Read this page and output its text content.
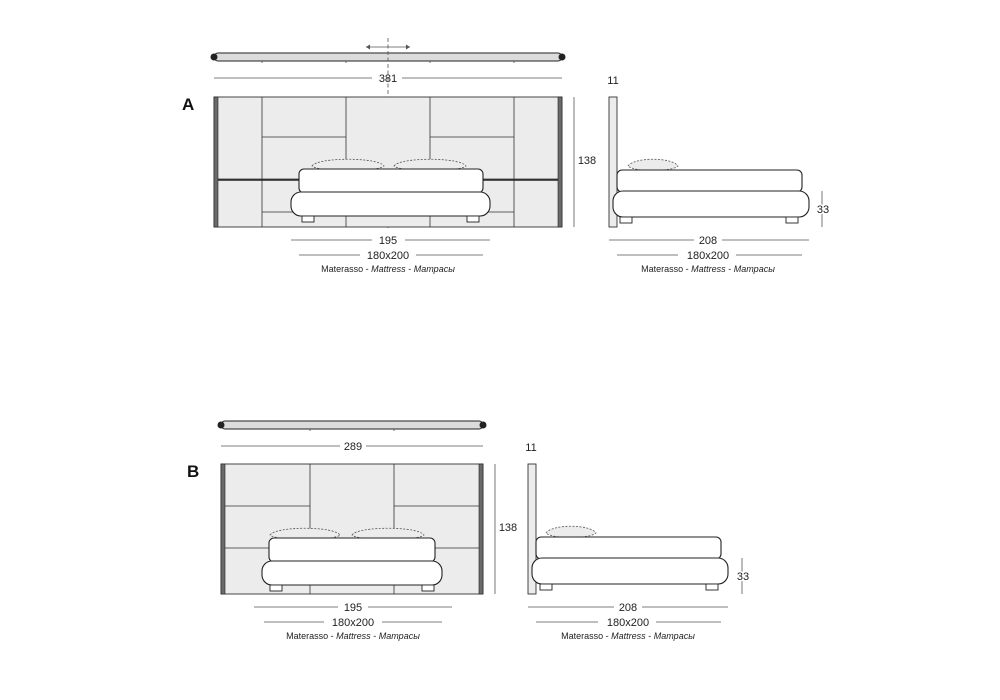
A
381
138
195
180x200
Materasso - Mattress - Матрасы
11
33
208
180x200
Materasso - Mattress - Матрасы
B
289
138
195
180x200
Materasso - Mattress - Матрасы
11
33
208
180x200
Materasso - Mattress - Матрасы
